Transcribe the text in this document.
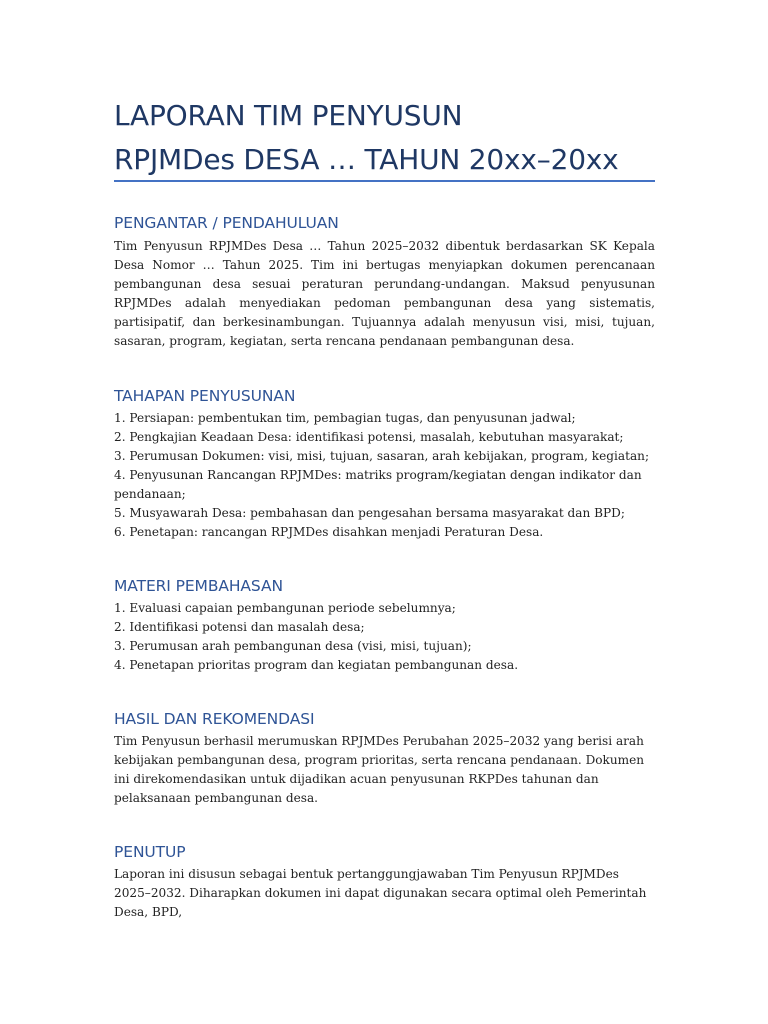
LAPORAN TIM PENYUSUN
RPJMDes DESA … TAHUN 20xx–20xx
PENGANTAR / PENDAHULUAN

Tim Penyusun RPJMDes Desa … Tahun 2025–2032 dibentuk berdasarkan SK Kepala Desa Nomor … Tahun 2025. Tim ini bertugas menyiapkan dokumen perencanaan pembangunan desa sesuai peraturan perundang-undangan. Maksud penyusunan RPJMDes adalah menyediakan pedoman pembangunan desa yang sistematis, partisipatif, dan berkesinambungan. Tujuannya adalah menyusun visi, misi, tujuan, sasaran, program, kegiatan, serta rencana pendanaan pembangunan desa.

TAHAPAN PENYUSUNAN
1. Persiapan: pembentukan tim, pembagian tugas, dan penyusunan jadwal;
2. Pengkajian Keadaan Desa: identifikasi potensi, masalah, kebutuhan masyarakat;
3. Perumusan Dokumen: visi, misi, tujuan, sasaran, arah kebijakan, program, kegiatan;
4. Penyusunan Rancangan RPJMDes: matriks program/kegiatan dengan indikator dan pendanaan;
5. Musyawarah Desa: pembahasan dan pengesahan bersama masyarakat dan BPD;
6. Penetapan: rancangan RPJMDes disahkan menjadi Peraturan Desa.
MATERI PEMBAHASAN
1. Evaluasi capaian pembangunan periode sebelumnya;
2. Identifikasi potensi dan masalah desa;
3. Perumusan arah pembangunan desa (visi, misi, tujuan);
4. Penetapan prioritas program dan kegiatan pembangunan desa.
HASIL DAN REKOMENDASI

Tim Penyusun berhasil merumuskan RPJMDes Perubahan 2025–2032 yang berisi arah kebijakan pembangunan desa, program prioritas, serta rencana pendanaan. Dokumen ini direkomendasikan untuk dijadikan acuan penyusunan RKPDes tahunan dan pelaksanaan pembangunan desa.

PENUTUP

Laporan ini disusun sebagai bentuk pertanggungjawaban Tim Penyusun RPJMDes 2025–2032. Diharapkan dokumen ini dapat digunakan secara optimal oleh Pemerintah Desa, BPD,
